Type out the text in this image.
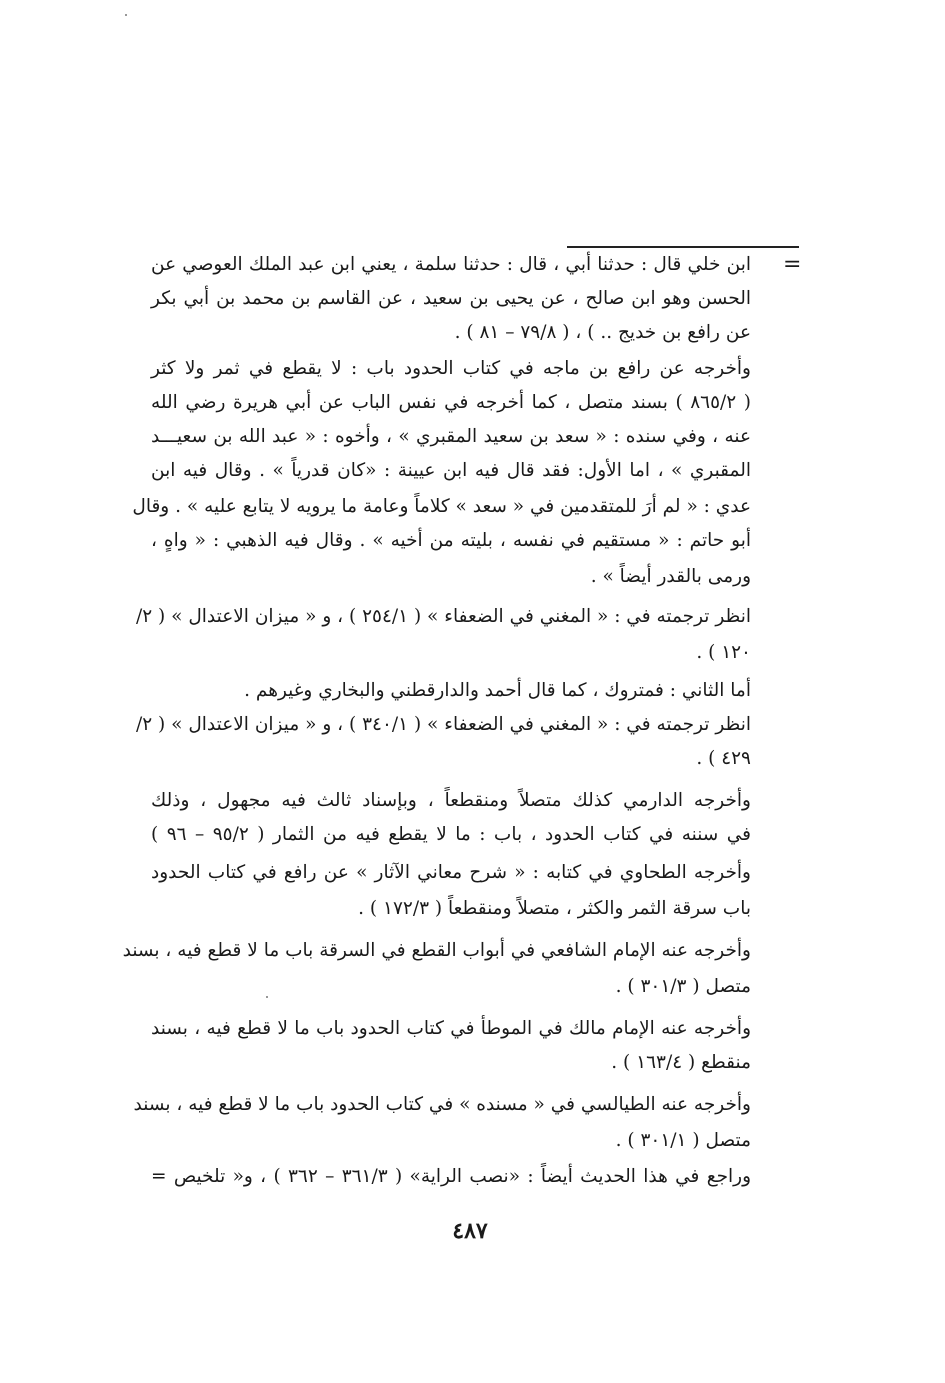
=
ابن خلي قال : حدثنا أبي ، قال : حدثنا سلمة ، يعني ابن عبد الملك العوصي عن
الحسن وهو ابن صالح ، عن يحيى بن سعيد ، عن القاسم بن محمد بن أبي بكر
عن رافع بن خديج .. ) ، ( ٧٩/٨ – ٨١ ) .
وأخرجه عن رافع بن ماجه في كتاب الحدود باب : لا يقطع في ثمر ولا كثر
( ٨٦٥/٢ ) بسند متصل ، كما أخرجه في نفس الباب عن أبي هريرة رضي الله
عنه ، وفي سنده : « سعد بن سعيد المقبري » ، وأخوه : « عبد الله بن سعيـــد
المقبري » ، اما الأول: فقد قال فيه ابن عيينة : «كان قدرياً » . وقال فيه ابن
عدي : « لم أرَ للمتقدمين في « سعد » كلاماً وعامة ما يرويه لا يتابع عليه » . وقال
أبو حاتم : « مستقيم في نفسه ، بليته من أخيه » . وقال فيه الذهبي : « واهٍ ،
ورمى بالقدر أيضاً » .
انظر ترجمته في : « المغني في الضعفاء » ( ٢٥٤/١ ) ، و « ميزان الاعتدال » ( ٢/
١٢٠ ) .
أما الثاني : فمتروك ، كما قال أحمد والدارقطني والبخاري وغيرهم .
انظر ترجمته في : « المغني في الضعفاء » ( ٣٤٠/١ ) ، و « ميزان الاعتدال » ( ٢/
٤٢٩ ) .
وأخرجه الدارمي كذلك متصلاً ومنقطعاً ، وبإسناد ثالث فيه مجهول ، وذلك
في سننه في كتاب الحدود ، باب : ما لا يقطع فيه من الثمار ( ٩٥/٢ – ٩٦ )
وأخرجه الطحاوي في كتابه : « شرح معاني الآثار » عن رافع في كتاب الحدود
باب سرقة الثمر والكثر ، متصلاً ومنقطعاً ( ١٧٢/٣ ) .
وأخرجه عنه الإمام الشافعي في أبواب القطع في السرقة باب ما لا قطع فيه ، بسند
متصل ( ٣٠١/٣ ) .
وأخرجه عنه الإمام مالك في الموطأ في كتاب الحدود باب ما لا قطع فيه ، بسند
منقطع ( ١٦٣/٤ ) .
وأخرجه عنه الطيالسي في « مسنده » في كتاب الحدود باب ما لا قطع فيه ، بسند
متصل ( ٣٠١/١ ) .
وراجع في هذا الحديث أيضاً : «نصب الراية» ( ٣٦١/٣ – ٣٦٢ ) ، و« تلخيص =
٤٨٧
